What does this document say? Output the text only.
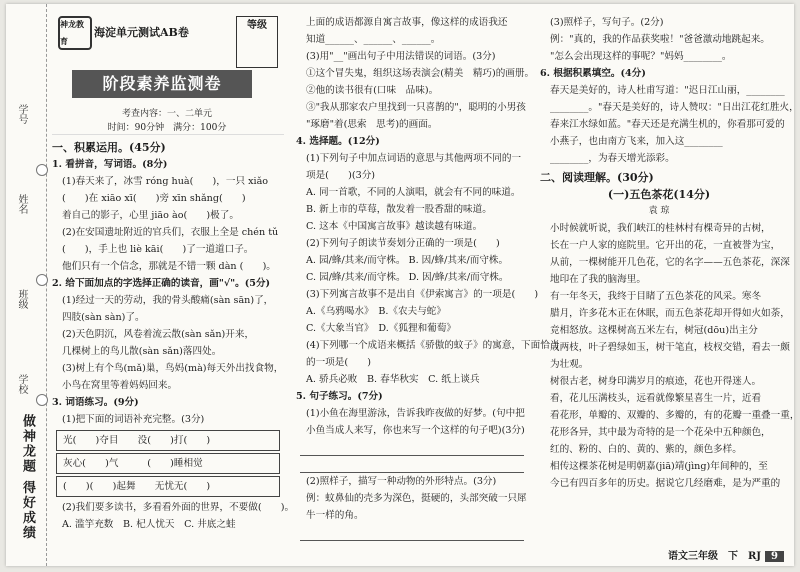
学号
姓名
班级
学校
做神龙题 得好成绩
神龙教育
海淀单元测试AB卷
等级
阶段素养监测卷
考查内容：一、二单元
时间：90分钟　 满分：100分
一、积累运用。(45分)
1. 看拼音，写词语。(8分)
(1)春天来了，冰雪 róng huà(　　)，一只 xiǎo
(　　)在 xiāo xī(　　)旁 xīn shǎng(　　)
着自己的影子，心里 jiāo ào(　　)极了。
(2)在安国遗址附近的官兵们，衣服上全是 chén tǔ
(　　)，手上也 liè kāi(　　)了一道道口子。
他们只有一个信念，那就是不错一颗 dàn (　　)。
2. 给下面加点的字选择正确的读音，画"√"。(5分)
(1)经过一天的劳动，我的骨头酸痛(sàn sān)了，
四肢(sàn sàn)了。
(2)天色阴沉，风卷着流云散(sàn sǎn)开来，
几棵树上的鸟儿散(sàn sǎn)落四处。
(3)树上有个鸟(mǎ)巢，鸟妈(mà)每天外出找食物，
小鸟在窝里等着妈妈回来。
3. 词语练习。(9分)
(1)把下面的词语补充完整。(3分)
光(　　)夺目　　没(　　)打(　　)
灰心(　　)气　　　(　　)睡相觉
(　　)(　　)起舞　　无忧无(　　)
(2)我们要多读书，多看看外面的世界，不要做(　　)。
A. 滥竽充数　B. 杞人忧天　C. 井底之蛙
上面的成语都源自寓言故事，像这样的成语我还
知道______、______、______。
(3)用"__"画出句子中用法错误的词语。(3分)
①这个冒失鬼，组织这场表演会(精美　精巧)的画册。
②他的读书很有(口味　品味)。
③"我从那家农户里找到一只喜鹊的"，聪明的小男孩
"琢磨"着(思索　思考)的画面。
4. 选择题。(12分)
(1)下列句子中加点词语的意思与其他两项不同的一
项是(　　)(3分)
A. 同一首歌，不同的人演唱，就会有不同的味道。
B. 新上市的草莓，散发着一股香甜的味道。
C. 这本《中国寓言故事》越读越有味道。
(2)下列句子朗读节奏划分正确的一项是(　　)
A. 园/蜂/其来/而守株。 B. 因/蜂/其来/而守株。
C. 园/蜂/其来/而守株。 D. 因/蜂/其来/而守株。
(3)下列寓言故事不是出自《伊索寓言》的一项是(　　)
A.《乌鸦喝水》　B.《农夫与蛇》
C.《大象当官》　D.《狐狸和葡萄》
(4)下列哪一个成语来概括《骄傲的蚊子》的寓意，下面恰当
的一项是(　　)
A. 骄兵必败　B. 春华秋实　C. 纸上谈兵
5. 句子练习。(7分)
(1)小鱼在海里游泳，告诉我昨夜做的好梦。(句中把
小鱼当成人来写，你也来写一个这样的句子吧)(3分)
(2)照样子，描写一种动物的外形特点。(3分)
例：蚊鼻仙的壳多为深色，挺硬的，头部突破一只犀
牛一样的角。
(3)照样子，写句子。(2分)
例："真的，我的作品获奖啦！"爸爸激动地跳起来。
"怎么会出现这样的事呢？"妈妈________。
6. 根据积累填空。(4分)
春天是美好的，诗人杜甫写道："迟日江山丽，________
________。"春天是美好的，诗人赞叹："日出江花红胜火，
春来江水绿如蓝。"春天还是充满生机的，你看那可爱的
小燕子，也由南方飞来，加入这________
________，为春天增光添彩。
二、阅读理解。(30分)
(一)五色茶花(14分)
袁 琼
小时候就听说，我们峡江的桂林村有棵奇异的古树，
长在一户人家的庭院里。它开出的花，一直被誉为宝，
从前，一棵树能开几色花，它的名字——五色茶花，深深
地印在了我的脑海里。
有一年冬天，我终于目睹了五色茶花的风采。寒冬
腊月，许多花木正在休眠，而五色茶花却开得如火如荼，
竞相怒放。这棵树高五米左右，树冠(dōu)出主分
成两枝，叶子碧绿如玉，树干笔直，枝杈交错，看去一颇
为壮观。
树很古老，树身印满岁月的痕迹，花也开得迷人。
看，花儿压满枝头，远看就像繁星喜生一片，近看
看花形，单瓣的、双瓣的、多瓣的，有的花瓣一重叠一重，
花形各异，其中最为奇特的是一个花朵中五种颜色，
红的、粉的、白的、黄的、紫的，颜色多样。
相传这棵茶花树是明朝嘉(jiā)靖(jìng)年间种的，至
今已有四百多年的历史。据说它几经磨难，是为严重的
语文三年级　下　RJ 9
